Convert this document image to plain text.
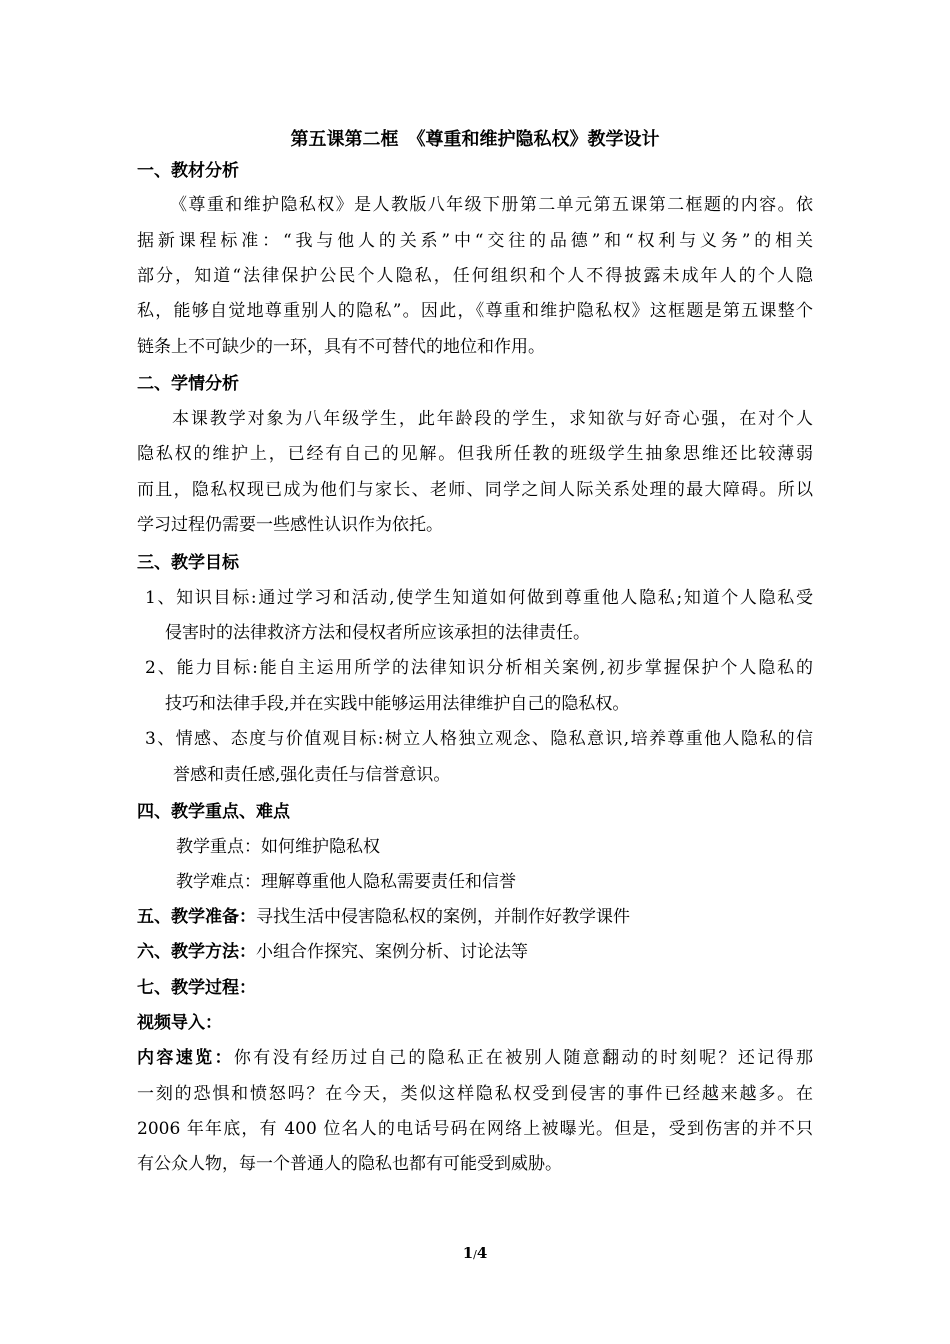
第五课第二框　《尊重和维护隐私权》教学设计
一、教材分析
《尊重和维护隐私权》是人教版八年级下册第二单元第五课第二框题的内容。依
据新课程标准：“我与他人的关系”中“交往的品德”和“权利与义务”的相关
部分，知道“法律保护公民个人隐私，任何组织和个人不得披露未成年人的个人隐
私，能够自觉地尊重别人的隐私”。因此，《尊重和维护隐私权》这框题是第五课整个
链条上不可缺少的一环，具有不可替代的地位和作用。
二、学情分析
本课教学对象为八年级学生，此年龄段的学生，求知欲与好奇心强，在对个人
隐私权的维护上，已经有自己的见解。但我所任教的班级学生抽象思维还比较薄弱
而且，隐私权现已成为他们与家长、老师、同学之间人际关系处理的最大障碍。所以
学习过程仍需要一些感性认识作为依托。
三、教学目标
1、知识目标:通过学习和活动,使学生知道如何做到尊重他人隐私;知道个人隐私受
侵害时的法律救济方法和侵权者所应该承担的法律责任。
2、能力目标:能自主运用所学的法律知识分析相关案例,初步掌握保护个人隐私的
技巧和法律手段,并在实践中能够运用法律维护自己的隐私权。
3、情感、态度与价值观目标:树立人格独立观念、隐私意识,培养尊重他人隐私的信
誉感和责任感,强化责任与信誉意识。
四、教学重点、难点
教学重点：如何维护隐私权
教学难点：理解尊重他人隐私需要责任和信誉
五、教学准备：寻找生活中侵害隐私权的案例，并制作好教学课件
六、教学方法：小组合作探究、案例分析、讨论法等
七、教学过程：
视频导入：
内容速览：你有没有经历过自己的隐私正在被别人随意翻动的时刻呢？还记得那
一刻的恐惧和愤怒吗？在今天，类似这样隐私权受到侵害的事件已经越来越多。在
2006 年年底，有 400 位名人的电话号码在网络上被曝光。但是，受到伤害的并不只
有公众人物，每一个普通人的隐私也都有可能受到威胁。
1/4
